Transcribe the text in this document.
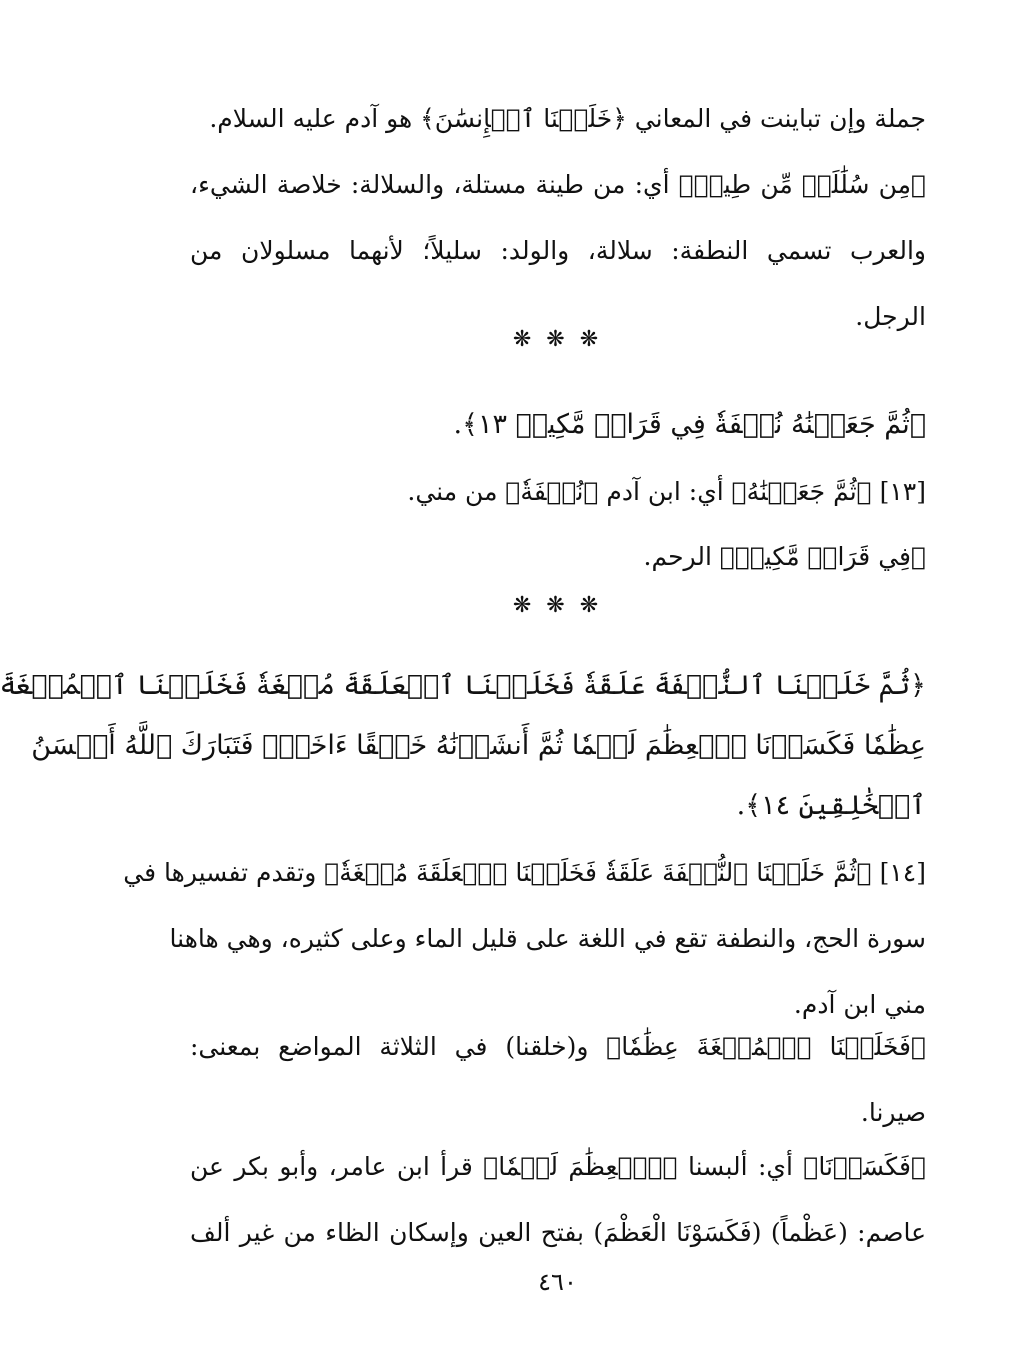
جملة وإن تباينت في المعاني ﴿خَلَقۡنَا ٱلۡإِنسَٰنَ﴾ هو آدم عليه السلام.
﴿مِن سُلَٰلَةٖ مِّن طِينٖ﴾ أي: من طينة مستلة، والسلالة: خلاصة الشيء،
والعرب تسمي النطفة: سلالة، والولد: سليلاً؛ لأنهما مسلولان من
الرجل.
❋ ❋ ❋
﴿ثُمَّ جَعَلۡنَٰهُ نُطۡفَةٗ فِي قَرَارٖ مَّكِينٖ ١٣﴾.
[١٣] ﴿ثُمَّ جَعَلۡنَٰهُ﴾ أي: ابن آدم ﴿نُطۡفَةٗ﴾ من مني.
﴿فِي قَرَارٖ مَّكِينٖ﴾ الرحم.
❋ ❋ ❋
﴿ثُمَّ خَلَقۡنَا ٱلنُّطۡفَةَ عَلَقَةٗ فَخَلَقۡنَا ٱلۡعَلَقَةَ مُضۡغَةٗ فَخَلَقۡنَا ٱلۡمُضۡغَةَ
عِظَٰمٗا فَكَسَوۡنَا ٱلۡعِظَٰمَ لَحۡمٗا ثُمَّ أَنشَأۡنَٰهُ خَلۡقًا ءَاخَرَۚ فَتَبَارَكَ ٱللَّهُ أَحۡسَنُ
ٱلۡخَٰلِقِينَ ١٤﴾.
[١٤] ﴿ثُمَّ خَلَقۡنَا ٱلنُّطۡفَةَ عَلَقَةٗ فَخَلَقۡنَا ٱلۡعَلَقَةَ مُضۡغَةٗ﴾ وتقدم تفسيرها في
سورة الحج، والنطفة تقع في اللغة على قليل الماء وعلى كثيره، وهي هاهنا
مني ابن آدم.
﴿فَخَلَقۡنَا ٱلۡمُضۡغَةَ عِظَٰمٗا﴾ و(خلقنا) في الثلاثة المواضع بمعنى:
صيرنا.
﴿فَكَسَوۡنَا﴾ أي: ألبسنا ﴿ٱلۡعِظَٰمَ لَحۡمٗا﴾ قرأ ابن عامر، وأبو بكر عن
عاصم: (عَظْماً) (فَكَسَوْنَا الْعَظْمَ) بفتح العين وإسكان الظاء من غير ألف
٤٦٠
